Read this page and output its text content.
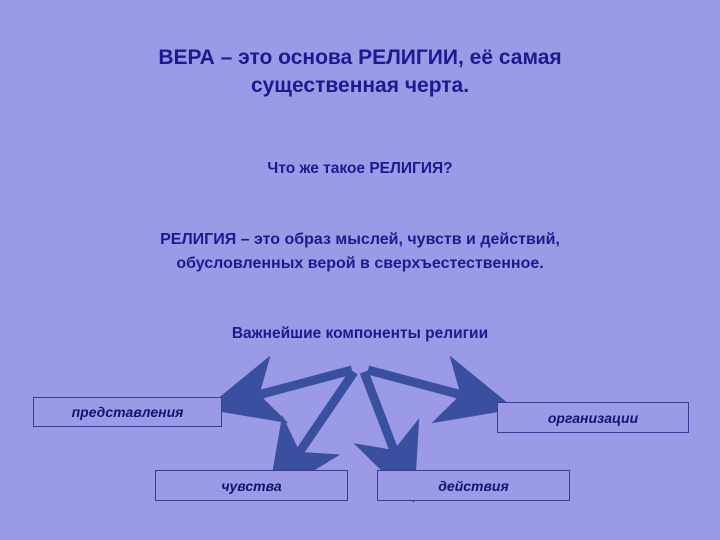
ВЕРА – это основа РЕЛИГИИ, её самая
существенная черта.
Что же такое РЕЛИГИЯ?
РЕЛИГИЯ – это образ мыслей, чувств и действий,
обусловленных верой в сверхъестественное.
Важнейшие компоненты религии
представления	организации
чувства	действия
